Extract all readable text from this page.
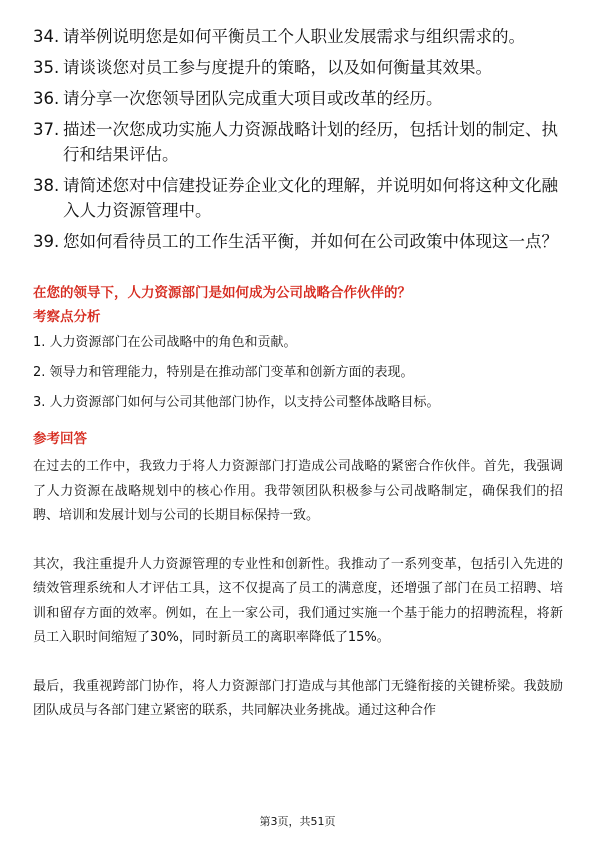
34. 请举例说明您是如何平衡员工个人职业发展需求与组织需求的。
35. 请谈谈您对员工参与度提升的策略，以及如何衡量其效果。
36. 请分享一次您领导团队完成重大项目或改革的经历。
37. 描述一次您成功实施人力资源战略计划的经历，包括计划的制定、执行和结果评估。
38. 请简述您对中信建投证券企业文化的理解，并说明如何将这种文化融入人力资源管理中。
39. 您如何看待员工的工作生活平衡，并如何在公司政策中体现这一点？
在您的领导下，人力资源部门是如何成为公司战略合作伙伴的？
考察点分析
1. 人力资源部门在公司战略中的角色和贡献。
2. 领导力和管理能力，特别是在推动部门变革和创新方面的表现。
3. 人力资源部门如何与公司其他部门协作，以支持公司整体战略目标。
参考回答

在过去的工作中，我致力于将人力资源部门打造成公司战略的紧密合作伙伴。首先，我强调了人力资源在战略规划中的核心作用。我带领团队积极参与公司战略制定，确保我们的招聘、培训和发展计划与公司的长期目标保持一致。

其次，我注重提升人力资源管理的专业性和创新性。我推动了一系列变革，包括引入先进的绩效管理系统和人才评估工具，这不仅提高了员工的满意度，还增强了部门在员工招聘、培训和留存方面的效率。例如，在上一家公司，我们通过实施一个基于能力的招聘流程，将新员工入职时间缩短了30%，同时新员工的离职率降低了15%。

最后，我重视跨部门协作，将人力资源部门打造成与其他部门无缝衔接的关键桥梁。我鼓励团队成员与各部门建立紧密的联系，共同解决业务挑战。通过这种合作

第3页，共51页
